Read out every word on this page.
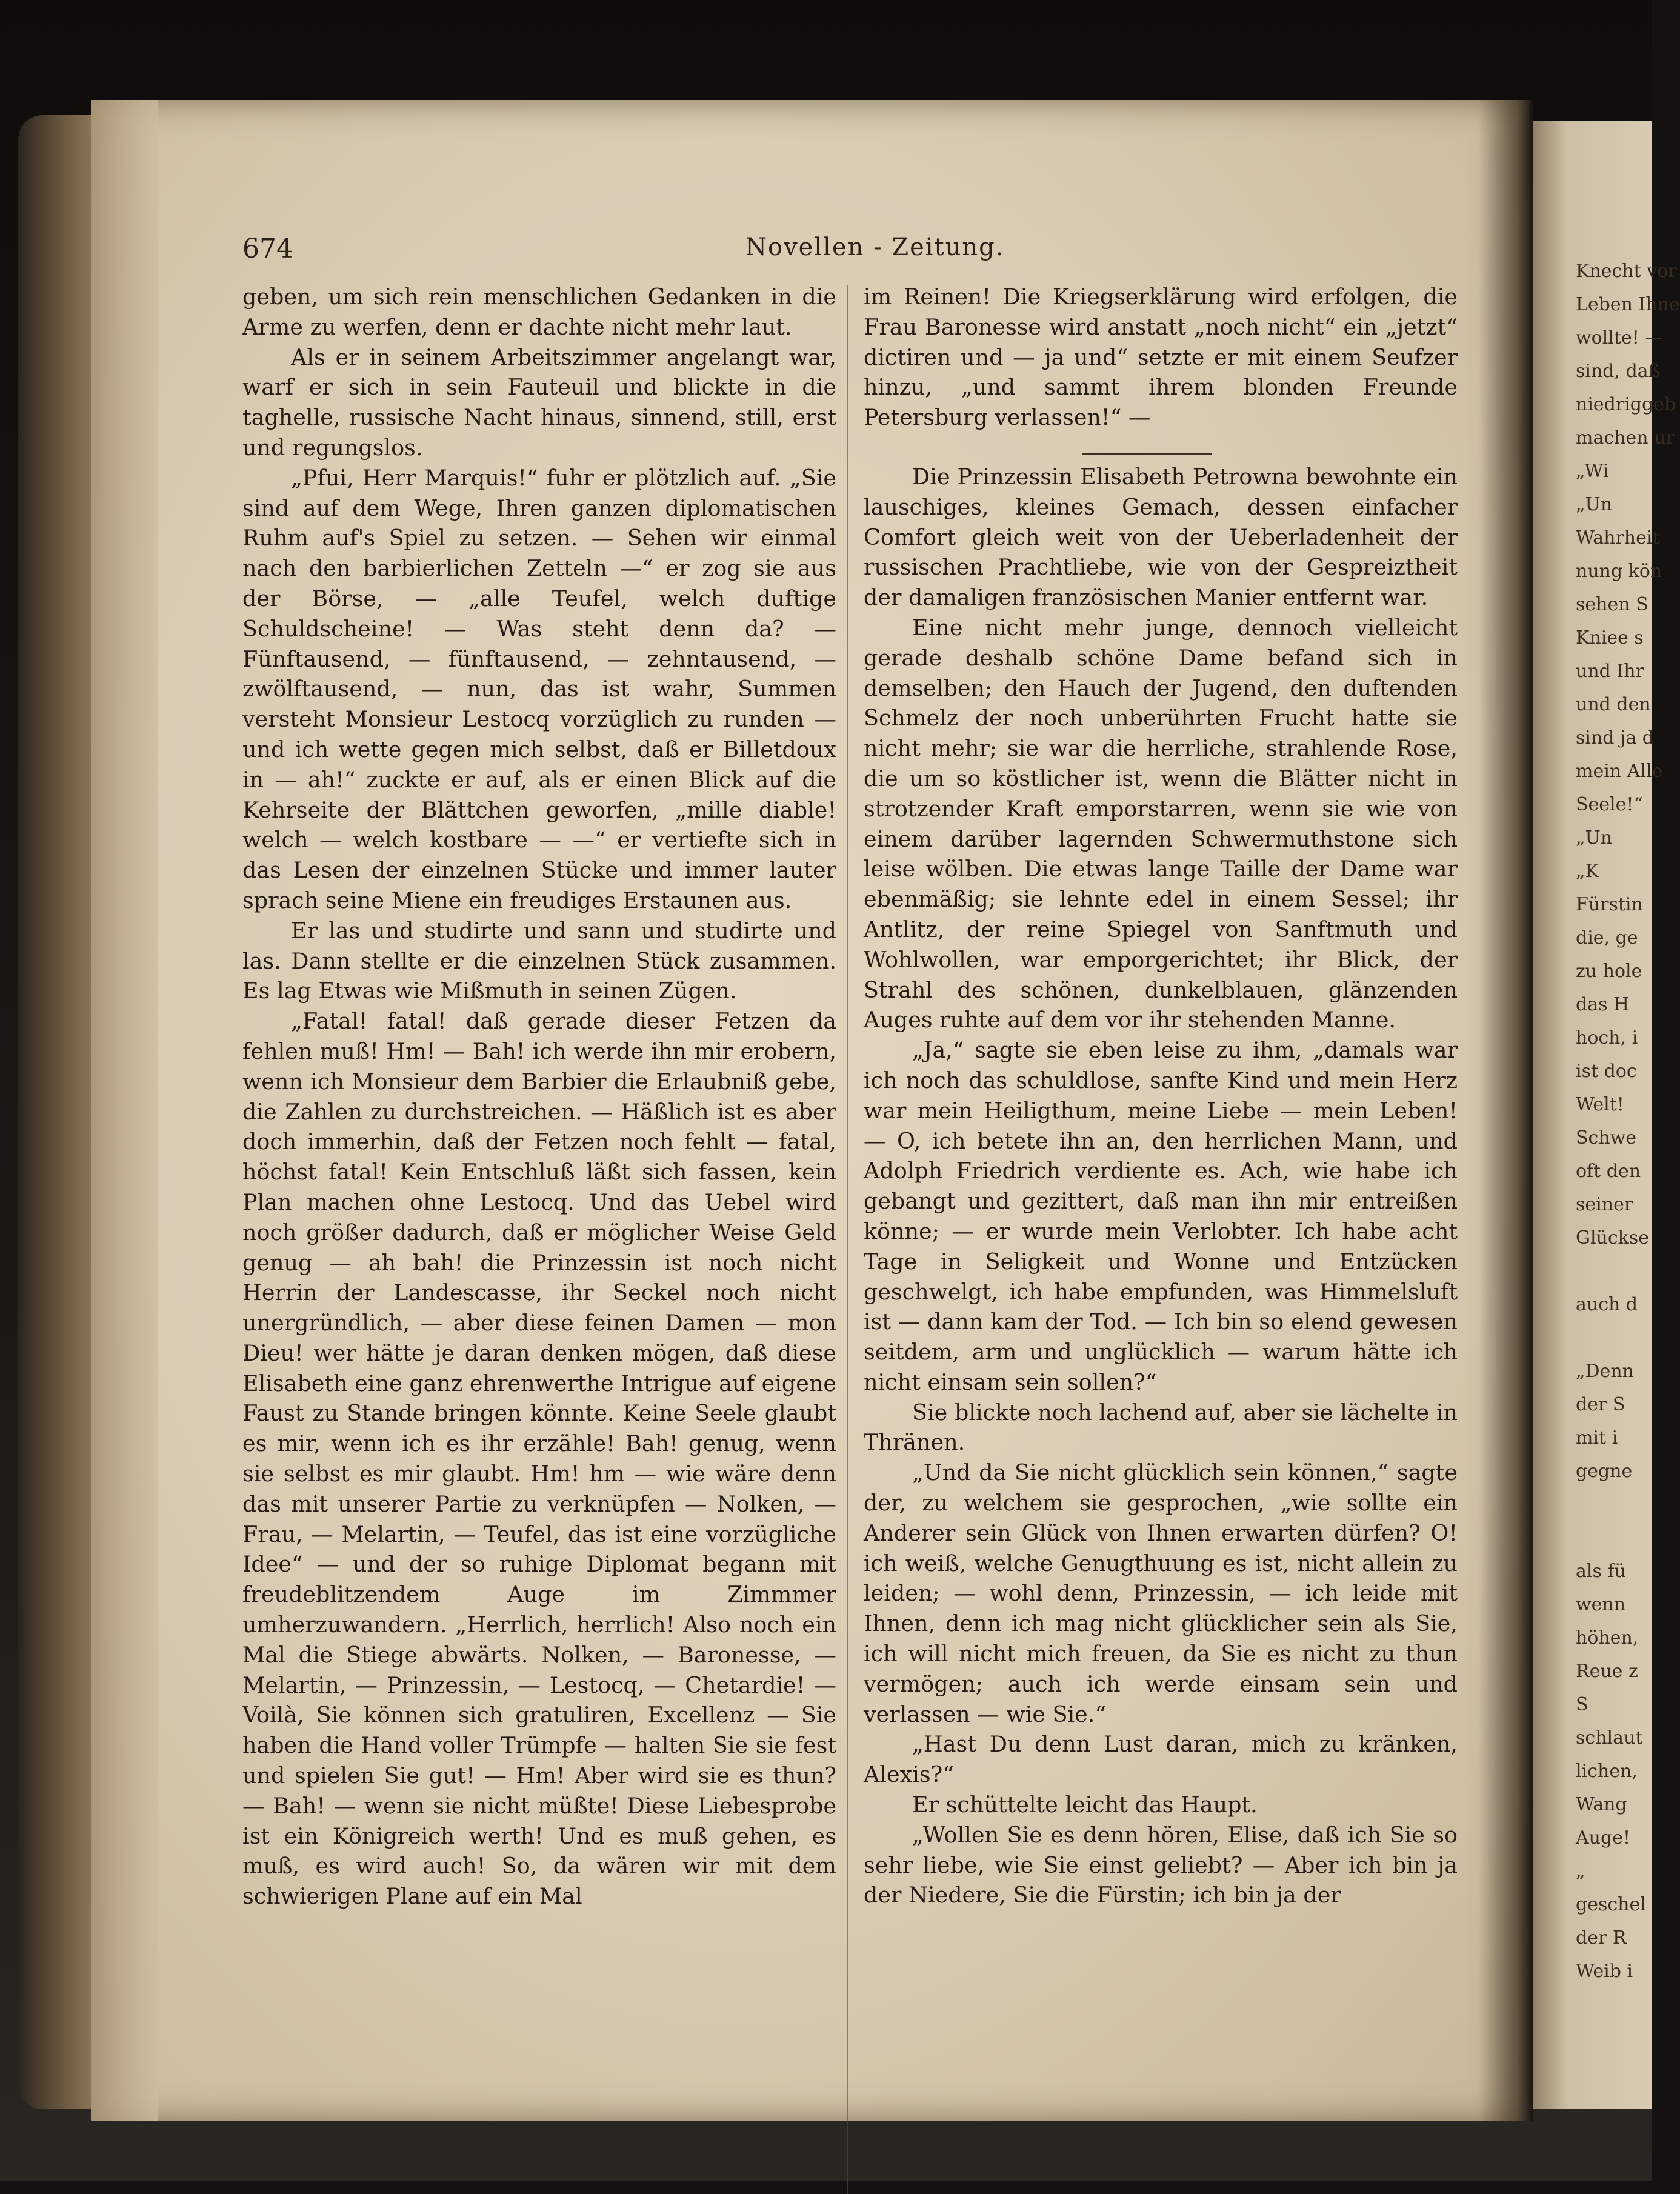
674	Novellen - Zeitung.

geben, um sich rein menschlichen Gedanken in die Arme zu werfen, denn er dachte nicht mehr laut.

Als er in seinem Arbeitszimmer angelangt war, warf er sich in sein Fauteuil und blickte in die taghelle, russische Nacht hinaus, sinnend, still, erst und regungslos.

„Pfui, Herr Marquis!“ fuhr er plötzlich auf. „Sie sind auf dem Wege, Ihren ganzen diplomatischen Ruhm auf's Spiel zu setzen. — Sehen wir einmal nach den barbierlichen Zetteln —“ er zog sie aus der Börse, — „alle Teufel, welch duftige Schuldscheine! — Was steht denn da? — Fünftausend, — fünftausend, — zehntausend, — zwölftausend, — nun, das ist wahr, Summen versteht Monsieur Lestocq vorzüglich zu runden — und ich wette gegen mich selbst, daß er Billetdoux in — ah!“ zuckte er auf, als er einen Blick auf die Kehrseite der Blättchen geworfen, „mille diable! welch — welch kostbare — —“ er vertiefte sich in das Lesen der einzelnen Stücke und immer lauter sprach seine Miene ein freudiges Erstaunen aus.

Er las und studirte und sann und studirte und las. Dann stellte er die einzelnen Stück zusammen. Es lag Etwas wie Mißmuth in seinen Zügen.

„Fatal! fatal! daß gerade dieser Fetzen da fehlen muß! Hm! — Bah! ich werde ihn mir erobern, wenn ich Monsieur dem Barbier die Erlaubniß gebe, die Zahlen zu durchstreichen. — Häßlich ist es aber doch immerhin, daß der Fetzen noch fehlt — fatal, höchst fatal! Kein Entschluß läßt sich fassen, kein Plan machen ohne Lestocq. Und das Uebel wird noch größer dadurch, daß er möglicher Weise Geld genug — ah bah! die Prinzessin ist noch nicht Herrin der Landescasse, ihr Seckel noch nicht unergründlich, — aber diese feinen Damen — mon Dieu! wer hätte je daran denken mögen, daß diese Elisabeth eine ganz ehrenwerthe Intrigue auf eigene Faust zu Stande bringen könnte. Keine Seele glaubt es mir, wenn ich es ihr erzähle! Bah! genug, wenn sie selbst es mir glaubt. Hm! hm — wie wäre denn das mit unserer Partie zu verknüpfen — Nolken, — Frau, — Melartin, — Teufel, das ist eine vorzügliche Idee“ — und der so ruhige Diplomat begann mit freudeblitzendem Auge im Zimmmer umherzuwandern. „Herrlich, herrlich! Also noch ein Mal die Stiege abwärts. Nolken, — Baronesse, — Melartin, — Prinzessin, — Lestocq, — Chetardie! — Voilà, Sie können sich gratuliren, Excellenz — Sie haben die Hand voller Trümpfe — halten Sie sie fest und spielen Sie gut! — Hm! Aber wird sie es thun? — Bah! — wenn sie nicht müßte! Diese Liebesprobe ist ein Königreich werth! Und es muß gehen, es muß, es wird auch! So, da wären wir mit dem schwierigen Plane auf ein Mal

im Reinen! Die Kriegserklärung wird erfolgen, die Frau Baronesse wird anstatt „noch nicht“ ein „jetzt“ dictiren und — ja und“ setzte er mit einem Seufzer hinzu, „und sammt ihrem blonden Freunde Petersburg verlassen!“ —

Die Prinzessin Elisabeth Petrowna bewohnte ein lauschiges, kleines Gemach, dessen einfacher Comfort gleich weit von der Ueberladenheit der russischen Prachtliebe, wie von der Gespreiztheit der damaligen französischen Manier entfernt war.

Eine nicht mehr junge, dennoch vielleicht gerade deshalb schöne Dame befand sich in demselben; den Hauch der Jugend, den duftenden Schmelz der noch unberührten Frucht hatte sie nicht mehr; sie war die herrliche, strahlende Rose, die um so köstlicher ist, wenn die Blätter nicht in strotzender Kraft emporstarren, wenn sie wie von einem darüber lagernden Schwermuthstone sich leise wölben. Die etwas lange Taille der Dame war ebenmäßig; sie lehnte edel in einem Sessel; ihr Antlitz, der reine Spiegel von Sanftmuth und Wohlwollen, war emporgerichtet; ihr Blick, der Strahl des schönen, dunkelblauen, glänzenden Auges ruhte auf dem vor ihr stehenden Manne.

„Ja,“ sagte sie eben leise zu ihm, „damals war ich noch das schuldlose, sanfte Kind und mein Herz war mein Heiligthum, meine Liebe — mein Leben! — O, ich betete ihn an, den herrlichen Mann, und Adolph Friedrich verdiente es. Ach, wie habe ich gebangt und gezittert, daß man ihn mir entreißen könne; — er wurde mein Verlobter. Ich habe acht Tage in Seligkeit und Wonne und Entzücken geschwelgt, ich habe empfunden, was Himmelsluft ist — dann kam der Tod. — Ich bin so elend gewesen seitdem, arm und unglücklich — warum hätte ich nicht einsam sein sollen?“

Sie blickte noch lachend auf, aber sie lächelte in Thränen.

„Und da Sie nicht glücklich sein können,“ sagte der, zu welchem sie gesprochen, „wie sollte ein Anderer sein Glück von Ihnen erwarten dürfen? O! ich weiß, welche Genugthuung es ist, nicht allein zu leiden; — wohl denn, Prinzessin, — ich leide mit Ihnen, denn ich mag nicht glücklicher sein als Sie, ich will nicht mich freuen, da Sie es nicht zu thun vermögen; auch ich werde einsam sein und verlassen — wie Sie.“

„Hast Du denn Lust daran, mich zu kränken, Alexis?“

Er schüttelte leicht das Haupt.

„Wollen Sie es denn hören, Elise, daß ich Sie so sehr liebe, wie Sie einst geliebt? — Aber ich bin ja der Niedere, Sie die Fürstin; ich bin ja der

Knecht vor
Leben Ihne
wollte! —
sind, daß
niedriggeb
machen ur
„Wi
„Un
Wahrheit
nung kön
sehen S
Kniee s
und Ihr
und den
sind ja d
mein Alle
Seele!“
„Un
„K
Fürstin
die, ge
zu hole
das H
hoch, i
ist doc
Welt!
Schwe
oft den
seiner
Glückse

auch d

„Denn
der S
mit i
gegne

als fü
wenn
höhen,
Reue z
S
schlaut
lichen,
Wang
Auge!
„
geschel
der R
Weib i
